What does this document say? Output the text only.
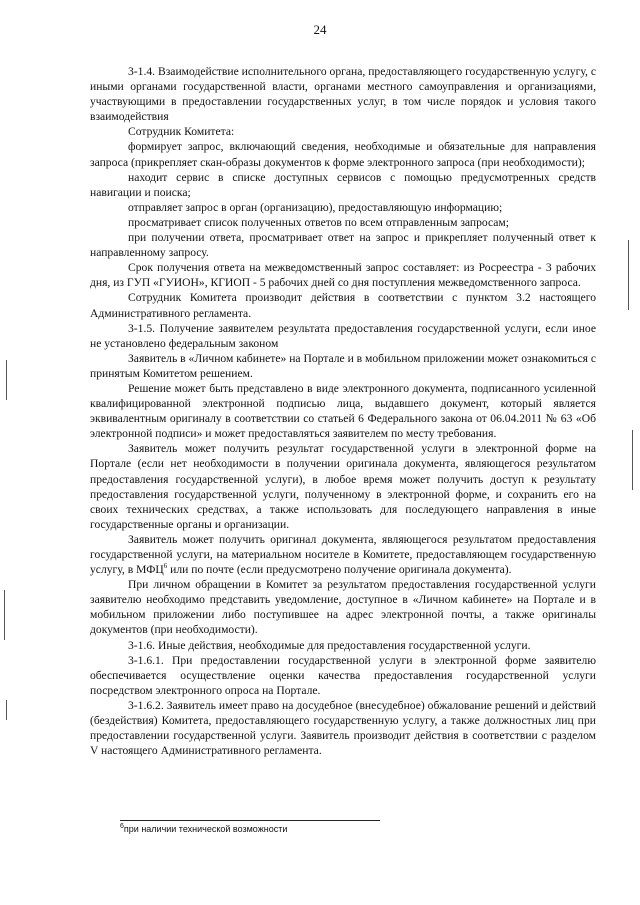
24

3-1.4. Взаимодействие исполнительного органа, предоставляющего государственную услугу, с иными органами государственной власти, органами местного самоуправления и организациями, участвующими в предоставлении государственных услуг, в том числе порядок и условия такого взаимодействия

Сотрудник Комитета:

формирует запрос, включающий сведения, необходимые и обязательные для направления запроса (прикрепляет скан-образы документов к форме электронного запроса (при необходимости);

находит сервис в списке доступных сервисов с помощью предусмотренных средств навигации и поиска;

отправляет запрос в орган (организацию), предоставляющую информацию;

просматривает список полученных ответов по всем отправленным запросам;

при получении ответа, просматривает ответ на запрос и прикрепляет полученный ответ к направленному запросу.

Срок получения ответа на межведомственный запрос составляет: из Росреестра - 3 рабочих дня, из ГУП «ГУИОН», КГИОП - 5 рабочих дней со дня поступления межведомственного запроса.

Сотрудник Комитета производит действия в соответствии с пунктом 3.2 настоящего Административного регламента.

3-1.5. Получение заявителем результата предоставления государственной услуги, если иное не установлено федеральным законом

Заявитель в «Личном кабинете» на Портале и в мобильном приложении может ознакомиться с принятым Комитетом решением.

Решение может быть представлено в виде электронного документа, подписанного усиленной квалифицированной электронной подписью лица, выдавшего документ, который является эквивалентным оригиналу в соответствии со статьей 6 Федерального закона от 06.04.2011 № 63 «Об электронной подписи» и может предоставляться заявителем по месту требования.

Заявитель может получить результат государственной услуги в электронной форме на Портале (если нет необходимости в получении оригинала документа, являющегося результатом предоставления государственной услуги), в любое время может получить доступ к результату предоставления государственной услуги, полученному в электронной форме, и сохранить его на своих технических средствах, а также использовать для последующего направления в иные государственные органы и организации.

Заявитель может получить оригинал документа, являющегося результатом предоставления государственной услуги, на материальном носителе в Комитете, предоставляющем государственную услугу, в МФЦ$^6$ или по почте (если предусмотрено получение оригинала документа).

При личном обращении в Комитет за результатом предоставления государственной услуги заявителю необходимо представить уведомление, доступное в «Личном кабинете» на Портале и в мобильном приложении либо поступившее на адрес электронной почты, а также оригиналы документов (при необходимости).

3-1.6. Иные действия, необходимые для предоставления государственной услуги.

3-1.6.1. При предоставлении государственной услуги в электронной форме заявителю обеспечивается осуществление оценки качества предоставления государственной услуги посредством электронного опроса на Портале.

3-1.6.2. Заявитель имеет право на досудебное (внесудебное) обжалование решений и действий (бездействия) Комитета, предоставляющего государственную услугу, а также должностных лиц при предоставлении государственной услуги. Заявитель производит действия в соответствии с разделом V настоящего Административного регламента.

$^6$при наличии технической возможности
